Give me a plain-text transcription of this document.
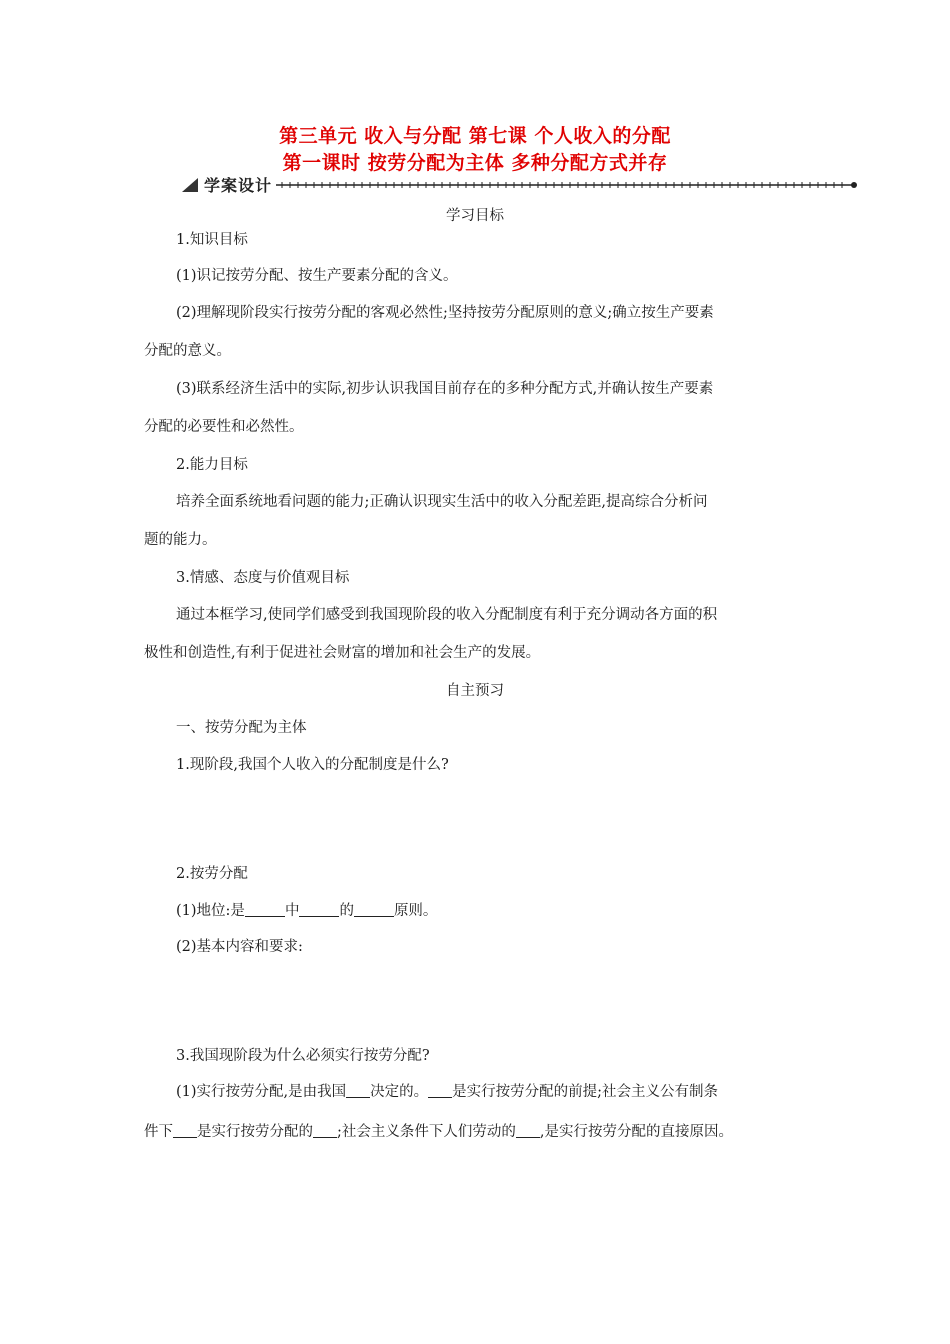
第三单元 收入与分配 第七课 个人收入的分配
第一课时 按劳分配为主体 多种分配方式并存
学案设计
学习目标
1.知识目标
(1)识记按劳分配、按生产要素分配的含义。
(2)理解现阶段实行按劳分配的客观必然性;坚持按劳分配原则的意义;确立按生产要素
分配的意义。
(3)联系经济生活中的实际,初步认识我国目前存在的多种分配方式,并确认按生产要素
分配的必要性和必然性。
2.能力目标
培养全面系统地看问题的能力;正确认识现实生活中的收入分配差距,提高综合分析问
题的能力。
3.情感、态度与价值观目标
通过本框学习,使同学们感受到我国现阶段的收入分配制度有利于充分调动各方面的积
极性和创造性,有利于促进社会财富的增加和社会生产的发展。
自主预习
一、按劳分配为主体
1.现阶段,我国个人收入的分配制度是什么?
2.按劳分配
(1)地位:是	中	的	原则。
(2)基本内容和要求:
3.我国现阶段为什么必须实行按劳分配?
(1)实行按劳分配,是由我国 决定的。 是实行按劳分配的前提;社会主义公有制条
件下 是实行按劳分配的 ;社会主义条件下人们劳动的 ,是实行按劳分配的直接原因。
